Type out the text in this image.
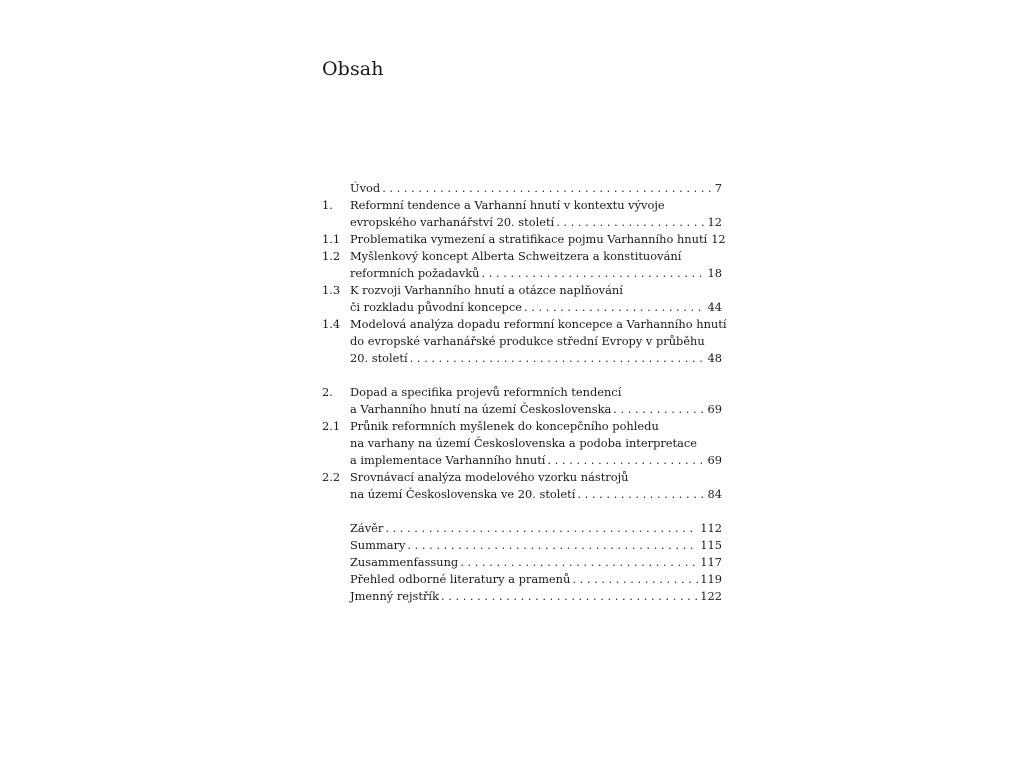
Obsah
Úvod . . .	7
1. Reformní tendence a Varhanní hnutí v kontextu vývoje
evropského varhanářství 20. století . . .	12
1.1 Problematika vymezení a stratifikace pojmu Varhanního hnutí 12
1.2 Myšlenkový koncept Alberta Schweitzera a konstituování
reformních požadavků . . .	18
1.3 K rozvoji Varhanního hnutí a otázce naplňování
či rozkladu původní koncepce . . .	44
1.4 Modelová analýza dopadu reformní koncepce a Varhanního hnutí
do evropské varhanářské produkce střední Evropy v průběhu
20. století . . .	48
2. Dopad a specifika projevů reformních tendencí
a Varhanního hnutí na území Československa . . .	69
2.1 Průnik reformních myšlenek do koncepčního pohledu
na varhany na území Československa a podoba interpretace
a implementace Varhanního hnutí . . .	69
2.2 Srovnávací analýza modelového vzorku nástrojů
na území Československa ve 20. století . . .	84
Závěr . . .	112
Summary . . .	115
Zusammenfassung . . .	117
Přehled odborné literatury a pramenů . . .	119
Jmenný rejstřík . . .	122
